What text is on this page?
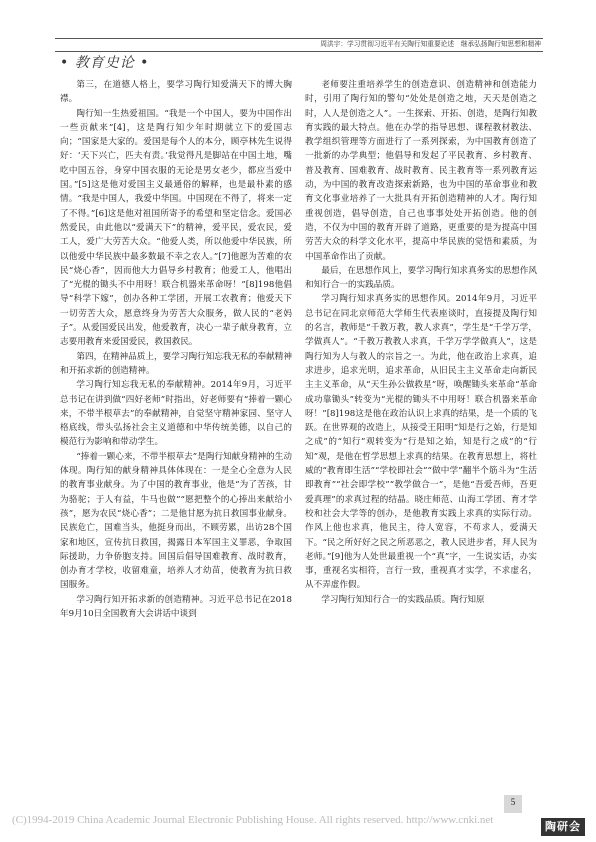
周洪宇：学习贯彻习近平有关陶行知重要论述　继承弘扬陶行知思想和精神
• 教育史论 •

第三，在道德人格上，要学习陶行知爱满天下的博大胸襟。

陶行知一生热爱祖国。“我是一个中国人，要为中国作出一些贡献来”[4]，这是陶行知少年时期就立下的爱国志向；“国家是大家的。爱国是每个人的本分，顾亭林先生说得好：‘天下兴亡，匹夫有责。’我觉得凡是脚站在中国土地，嘴吃中国五谷，身穿中国衣服的无论是男女老少，都应当爱中国。”[5]这是他对爱国主义最通俗的解释，也是最朴素的感情。“我是中国人，我爱中华国。中国现在不得了，将来一定了不得。”[6]这是他对祖国所寄予的希望和坚定信念。爱国必然爱民，由此他以“爱满天下”的精神，爱平民，爱农民，爱工人，爱广大劳苦大众。“他爱人类，所以他爱中华民族，所以他爱中华民族中最多数最不幸之农人。”[7]他愿为苦难的农民“烧心香”，因而他大力倡导乡村教育；他爱工人，他唱出了“光棍的锄头不中用呀！联合机器来革命呀！”[8]198他倡导“科学下嫁”，创办各种工学团，开展工农教育；他爱天下一切劳苦大众，愿意终身为劳苦大众服务，做人民的“老妈子”。从爱国爱民出发，他爱教育，决心一辈子献身教育，立志要用教育来爱国爱民，救国救民。

第四，在精神品质上，要学习陶行知忘我无私的奉献精神和开拓求新的创造精神。

学习陶行知忘我无私的奉献精神。2014年9月，习近平总书记在讲到做“四好老师”时指出，好老师要有“捧着一颗心来，不带半根草去”的奉献精神，自觉坚守精神家园、坚守人格底线，带头弘扬社会主义道德和中华传统美德，以自己的模范行为影响和带动学生。

“捧着一颗心来，不带半根草去”是陶行知献身精神的生动体现。陶行知的献身精神具体体现在：一是全心全意为人民的教育事业献身。为了中国的教育事业，他是“为了苦孩，甘为骆驼；于人有益，牛马也做”“愿把整个的心捧出来献给小孩”，愿为农民“烧心香”；二是他甘愿为抗日救国事业献身。民族危亡，国难当头，他挺身而出，不顾劳累，出访28个国家和地区，宣传抗日救国，揭露日本军国主义罪恶，争取国际援助，力争侨胞支持。回国后倡导国难教育、战时教育，创办育才学校，收留难童，培养人才幼苗，使教育为抗日救国服务。

学习陶行知开拓求新的创造精神。习近平总书记在2018年9月10日全国教育大会讲话中谈到

老师要注重培养学生的创造意识、创造精神和创造能力时，引用了陶行知的警句“处处是创造之地，天天是创造之时，人人是创造之人”。一生探索、开拓、创造，是陶行知教育实践的最大特点。他在办学的指导思想、课程教材教法、教学组织管理等方面进行了一系列探索，为中国教育创造了一批新的办学典型；他倡导和发起了平民教育、乡村教育、普及教育、国难教育、战时教育、民主教育等一系列教育运动，为中国的教育改造探索新路，也为中国的革命事业和教育文化事业培养了一大批具有开拓创造精神的人才。陶行知重视创造，倡导创造，自己也事事处处开拓创造。他的创造，不仅为中国的教育开辟了道路，更重要的是为提高中国劳苦大众的科学文化水平，提高中华民族的觉悟和素质，为中国革命作出了贡献。

最后，在思想作风上，要学习陶行知求真务实的思想作风和知行合一的实践品质。

学习陶行知求真务实的思想作风。2014年9月，习近平总书记在同北京师范大学师生代表座谈时，直接提及陶行知的名言，教师是“千教万教，教人求真”，学生是“千学万学，学做真人”。“千教万教教人求真，千学万学学做真人”，这是陶行知为人与教人的宗旨之一。为此，他在政治上求真，追求进步，追求光明，追求革命，从旧民主主义革命走向新民主主义革命，从“天生孙公做救星”呀，唤醒锄头来革命“革命成功靠锄头”转变为“光棍的锄头不中用呀！联合机器来革命呀！”[8]198这是他在政治认识上求真的结果，是一个质的飞跃。在世界观的改造上，从接受王阳明“知是行之始，行是知之成”的“知行”观转变为“行是知之始，知是行之成”的“行知”观，是他在哲学思想上求真的结果。在教育思想上，将杜威的“教育即生活”“学校即社会”“做中学”翻半个筋斗为“生活即教育”“社会即学校”“教学做合一”，是他“吾爱吾师，吾更爱真理”的求真过程的结晶。晓庄师范、山海工学团、育才学校和社会大学等的创办，是他教育实践上求真的实际行动。作风上他也求真，他民主，待人宽容，不苟求人，爱满天下。“民之所好好之民之所恶恶之，教人民进步者，拜人民为老师。”[9]他为人处世最重视一个“真”字，一生说实话，办实事，重视名实相符，言行一致，重视真才实学，不求虚名，从不弄虚作假。

学习陶行知知行合一的实践品质。陶行知原

5
(C)1994-2019 China Academic Journal Electronic Publishing House. All rights reserved. http://www.cnki.net	陶研会
